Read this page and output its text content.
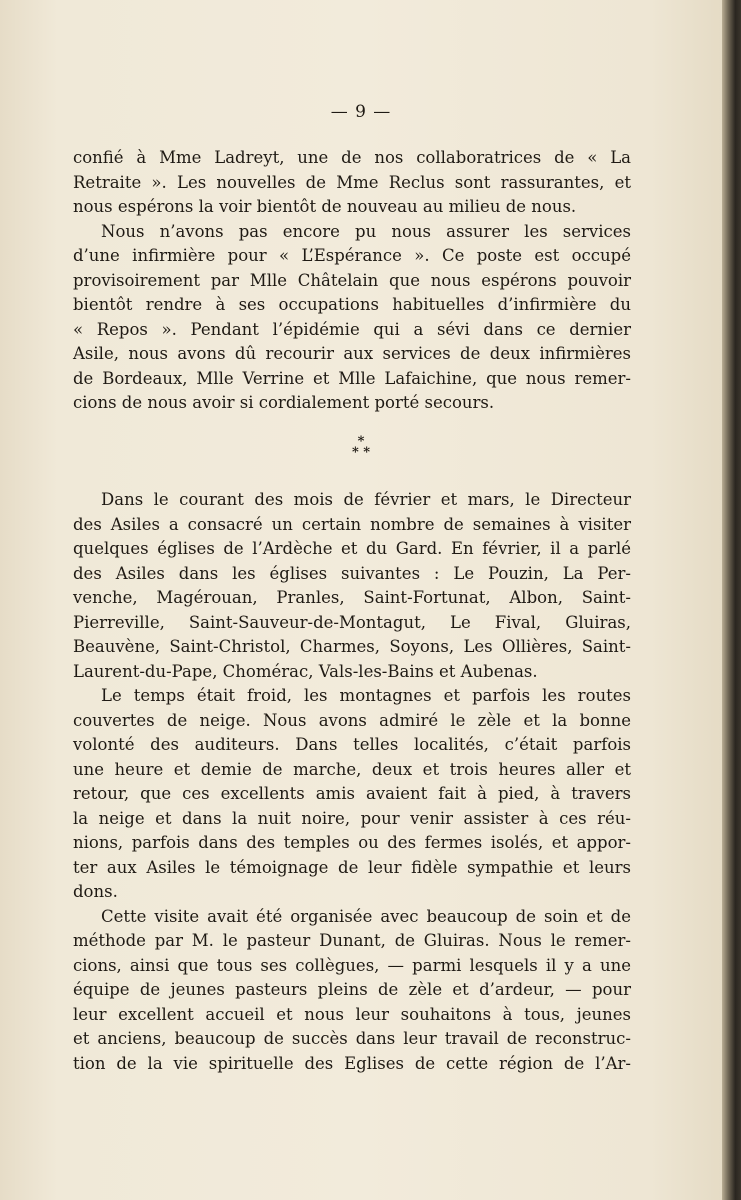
— 9 —
confié à Mme Ladreyt, une de nos collaboratrices de « La
Retraite ». Les nouvelles de Mme Reclus sont rassurantes, et
nous espérons la voir bientôt de nouveau au milieu de nous.
Nous n’avons pas encore pu nous assurer les services
d’une infirmière pour « L’Espérance ». Ce poste est occupé
provisoirement par Mlle Châtelain que nous espérons pouvoir
bientôt rendre à ses occupations habituelles d’infirmière du
« Repos ». Pendant l’épidémie qui a sévi dans ce dernier
Asile, nous avons dû recourir aux services de deux infirmières
de Bordeaux, Mlle Verrine et Mlle Lafaichine, que nous remer-
cions de nous avoir si cordialement porté secours.
*
* *
Dans le courant des mois de février et mars, le Directeur
des Asiles a consacré un certain nombre de semaines à visiter
quelques églises de l’Ardèche et du Gard. En février, il a parlé
des Asiles dans les églises suivantes : Le Pouzin, La Per-
venche, Magérouan, Pranles, Saint-Fortunat, Albon, Saint-
Pierreville, Saint-Sauveur-de-Montagut, Le Fival, Gluiras,
Beauvène, Saint-Christol, Charmes, Soyons, Les Ollières, Saint-
Laurent-du-Pape, Chomérac, Vals-les-Bains et Aubenas.
Le temps était froid, les montagnes et parfois les routes
couvertes de neige. Nous avons admiré le zèle et la bonne
volonté des auditeurs. Dans telles localités, c’était parfois
une heure et demie de marche, deux et trois heures aller et
retour, que ces excellents amis avaient fait à pied, à travers
la neige et dans la nuit noire, pour venir assister à ces réu-
nions, parfois dans des temples ou des fermes isolés, et appor-
ter aux Asiles le témoignage de leur fidèle sympathie et leurs
dons.
Cette visite avait été organisée avec beaucoup de soin et de
méthode par M. le pasteur Dunant, de Gluiras. Nous le remer-
cions, ainsi que tous ses collègues, — parmi lesquels il y a une
équipe de jeunes pasteurs pleins de zèle et d’ardeur, — pour
leur excellent accueil et nous leur souhaitons à tous, jeunes
et anciens, beaucoup de succès dans leur travail de reconstruc-
tion de la vie spirituelle des Eglises de cette région de l’Ar-
